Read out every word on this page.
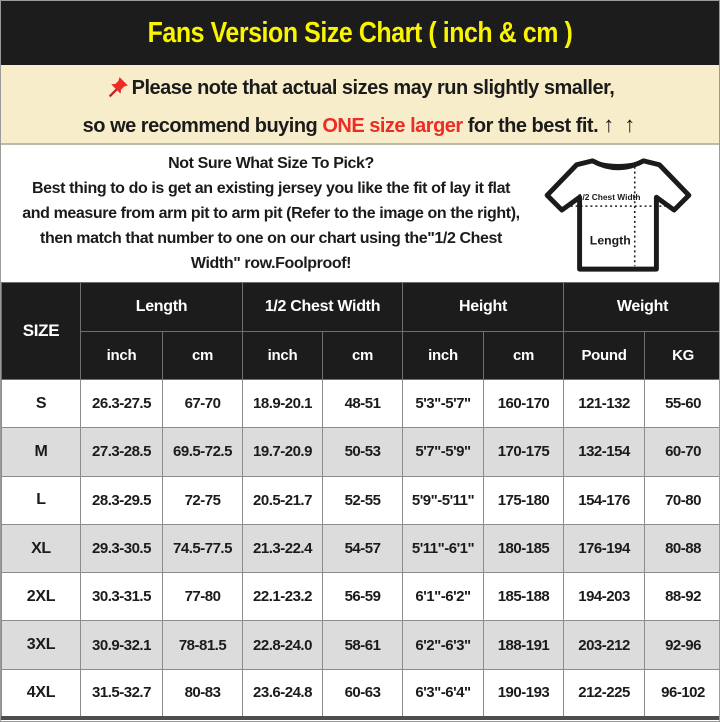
Fans Version Size Chart ( inch & cm )

Please note that actual sizes may run slightly smaller,

so we recommend buying ONE size larger for the best fit. ↑ ↑

Not Sure What Size To Pick?

Best thing to do is get an existing jersey you like the fit of lay it flat

and measure from arm pit to arm pit (Refer to the image on the right),

then match that number to one on our chart using the"1/2 Chest

Width" row.Foolproof!

1/2 Chest Width
Length
SIZE	Length		1/2 Chest Width		Height		Weight	
	inch	cm	inch	cm	inch	cm	Pound	KG
S	26.3-27.5	67-70	18.9-20.1	48-51	5'3"-5'7"	160-170	121-132	55-60
M	27.3-28.5	69.5-72.5	19.7-20.9	50-53	5'7"-5'9"	170-175	132-154	60-70
L	28.3-29.5	72-75	20.5-21.7	52-55	5'9"-5'11"	175-180	154-176	70-80
XL	29.3-30.5	74.5-77.5	21.3-22.4	54-57	5'11"-6'1"	180-185	176-194	80-88
2XL	30.3-31.5	77-80	22.1-23.2	56-59	6'1"-6'2"	185-188	194-203	88-92
3XL	30.9-32.1	78-81.5	22.8-24.0	58-61	6'2"-6'3"	188-191	203-212	92-96
4XL	31.5-32.7	80-83	23.6-24.8	60-63	6'3"-6'4"	190-193	212-225	96-102
